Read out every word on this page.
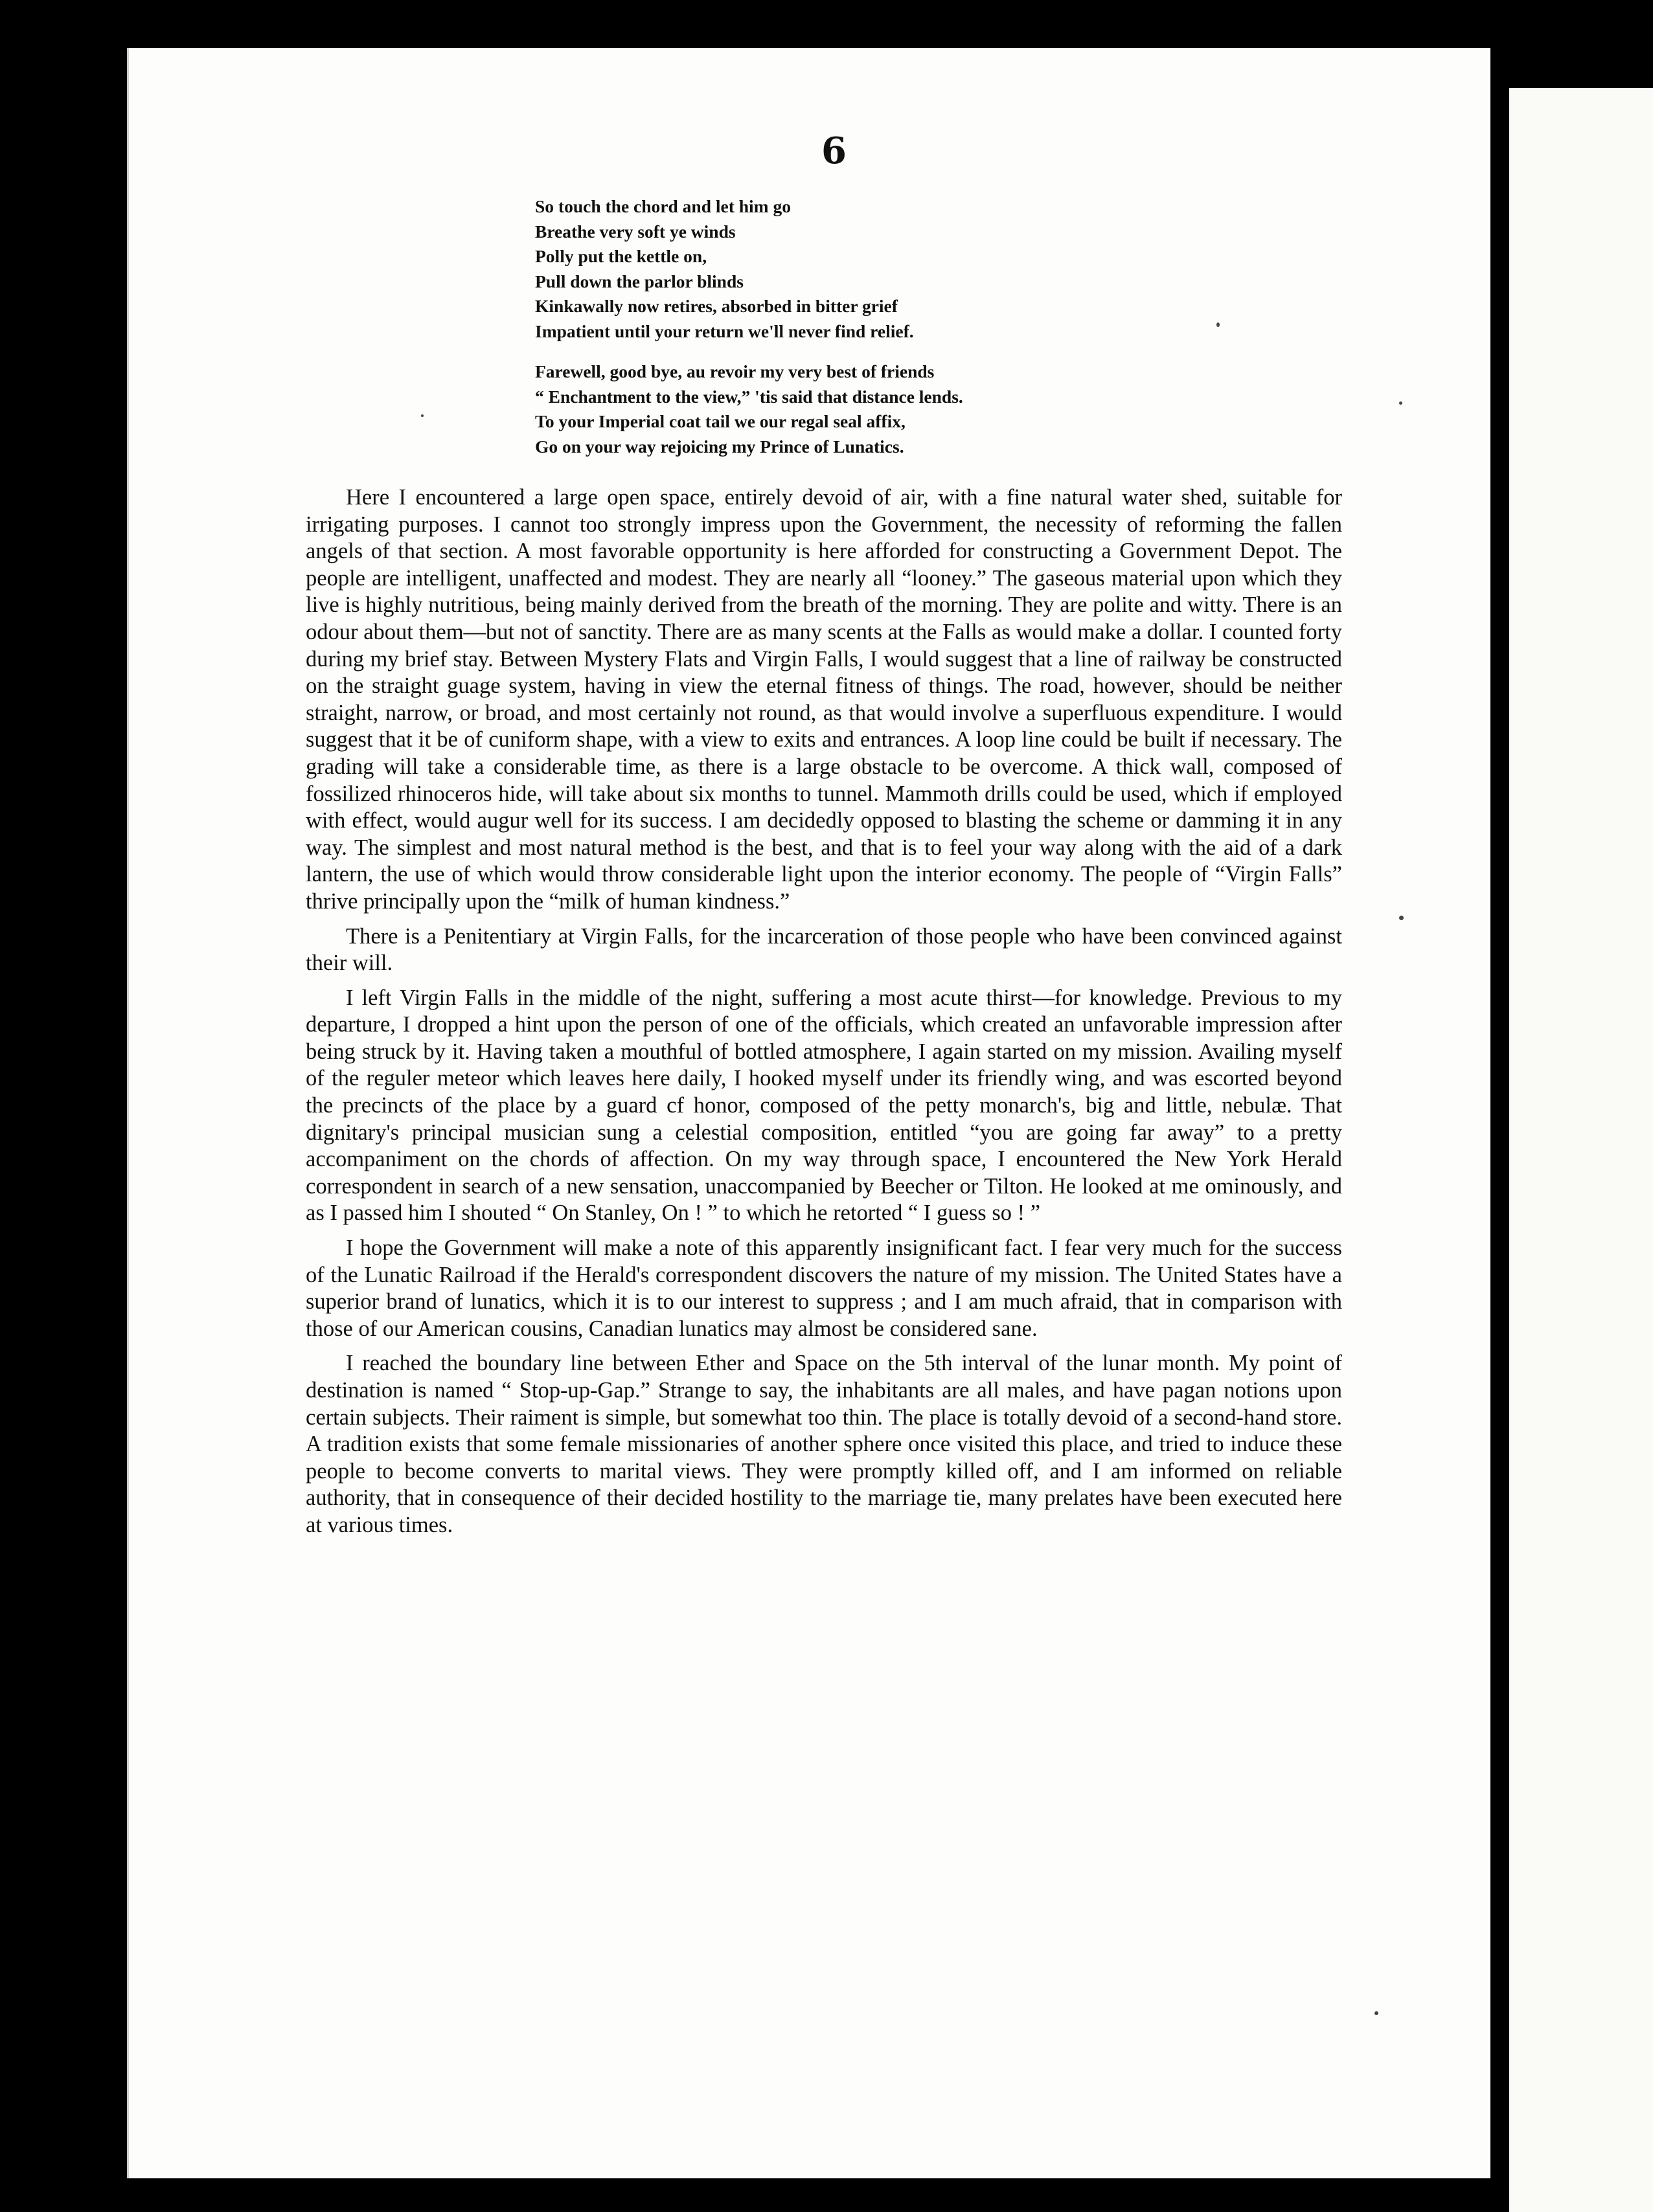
6
So touch the chord and let him go
Breathe very soft ye winds
Polly put the kettle on,
Pull down the parlor blinds
Kinkawally now retires, absorbed in bitter grief
Impatient until your return we'll never find relief.
Farewell, good bye, au revoir my very best of friends
“ Enchantment to the view,” 'tis said that distance lends.
To your Imperial coat tail we our regal seal affix,
Go on your way rejoicing my Prince of Lunatics.

Here I encountered a large open space, entirely devoid of air, with a fine natural water shed, suitable for irrigating purposes. I cannot too strongly impress upon the Government, the necessity of reforming the fallen angels of that section. A most favorable opportunity is here afforded for constructing a Government Depot. The people are intelligent, unaffected and modest. They are nearly all “looney.” The gaseous material upon which they live is highly nutritious, being mainly derived from the breath of the morning. They are polite and witty. There is an odour about them—but not of sanctity. There are as many scents at the Falls as would make a dollar. I counted forty during my brief stay. Between Mystery Flats and Virgin Falls, I would suggest that a line of railway be constructed on the straight guage system, having in view the eternal fitness of things. The road, however, should be neither straight, narrow, or broad, and most certainly not round, as that would involve a superfluous expenditure. I would suggest that it be of cuniform shape, with a view to exits and entrances. A loop line could be built if necessary. The grading will take a considerable time, as there is a large obstacle to be overcome. A thick wall, composed of fossilized rhinoceros hide, will take about six months to tunnel. Mammoth drills could be used, which if employed with effect, would augur well for its success. I am decidedly opposed to blasting the scheme or damming it in any way. The simplest and most natural method is the best, and that is to feel your way along with the aid of a dark lantern, the use of which would throw considerable light upon the interior economy. The people of “Virgin Falls” thrive principally upon the “milk of human kindness.”

There is a Penitentiary at Virgin Falls, for the incarceration of those people who have been convinced against their will.

I left Virgin Falls in the middle of the night, suffering a most acute thirst—for knowledge. Previous to my departure, I dropped a hint upon the person of one of the officials, which created an unfavorable impression after being struck by it. Having taken a mouthful of bottled atmosphere, I again started on my mission. Availing myself of the reguler meteor which leaves here daily, I hooked myself under its friendly wing, and was escorted beyond the precincts of the place by a guard cf honor, composed of the petty monarch's, big and little, nebulæ. That dignitary's principal musician sung a celestial composition, entitled “you are going far away” to a pretty accompaniment on the chords of affection. On my way through space, I encountered the New York Herald correspondent in search of a new sensation, unaccompanied by Beecher or Tilton. He looked at me ominously, and as I passed him I shouted “ On Stanley, On ! ” to which he retorted “ I guess so ! ”

I hope the Government will make a note of this apparently insignificant fact. I fear very much for the success of the Lunatic Railroad if the Herald's correspondent discovers the nature of my mission. The United States have a superior brand of lunatics, which it is to our interest to suppress ; and I am much afraid, that in comparison with those of our American cousins, Canadian lunatics may almost be considered sane.

I reached the boundary line between Ether and Space on the 5th interval of the lunar month. My point of destination is named “ Stop-up-Gap.” Strange to say, the inhabitants are all males, and have pagan notions upon certain subjects. Their raiment is simple, but somewhat too thin. The place is totally devoid of a second-hand store. A tradition exists that some female missionaries of another sphere once visited this place, and tried to induce these people to become converts to marital views. They were promptly killed off, and I am informed on reliable authority, that in consequence of their decided hostility to the marriage tie, many prelates have been executed here at various times.
